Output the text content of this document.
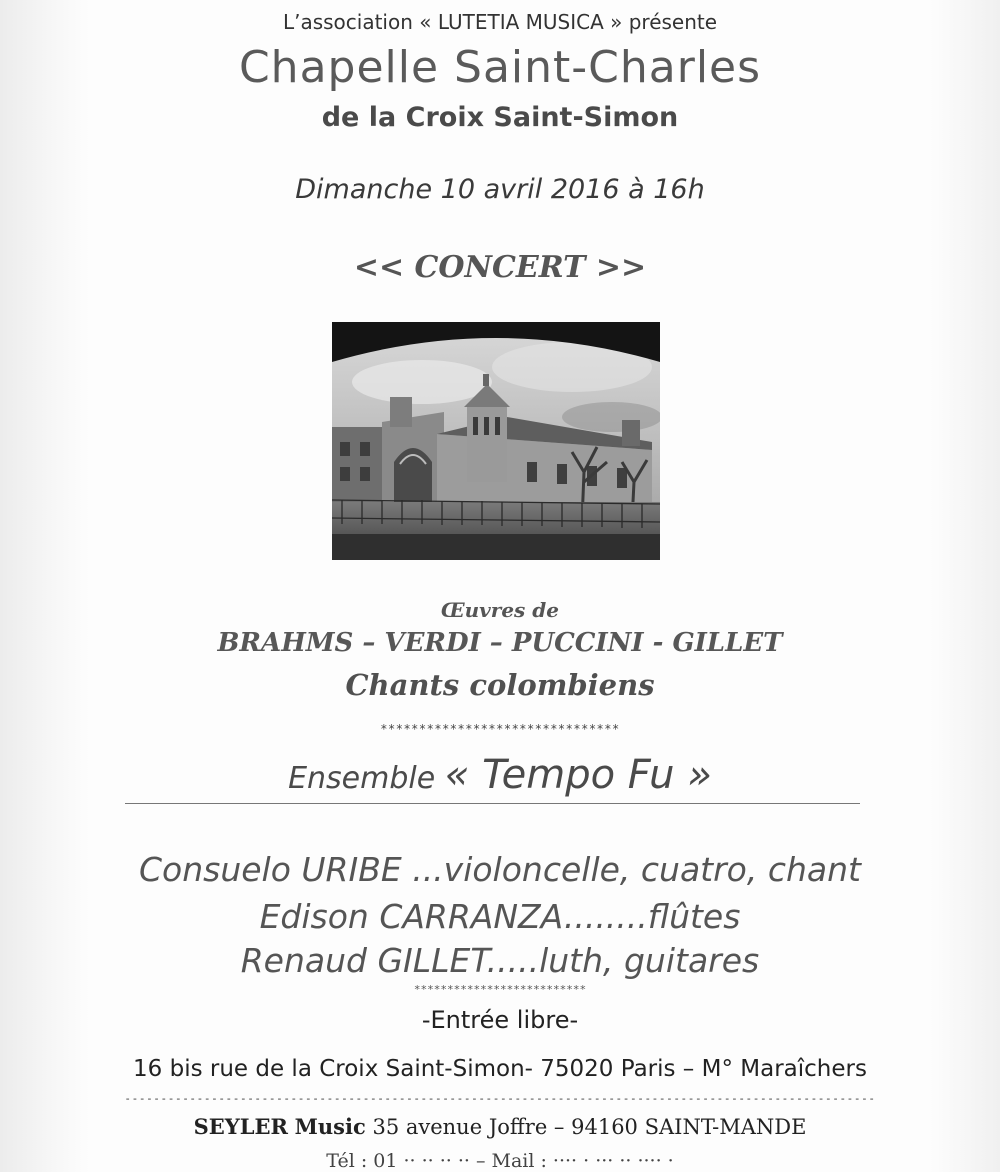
L’association « LUTETIA MUSICA » présente
Chapelle Saint-Charles
de la Croix Saint-Simon
Dimanche 10 avril 2016 à 16h
<< CONCERT >>
Œuvres de
BRAHMS – VERDI – PUCCINI - GILLET
Chants colombiens
*******************************
Ensemble « Tempo Fu »
Consuelo URIBE ...violoncelle, cuatro, chant
Edison CARRANZA........flûtes
Renaud GILLET.....luth, guitares
**************************
-Entrée libre-
16 bis rue de la Croix Saint-Simon- 75020 Paris – M° Maraîchers
--------------------------------------------------------------------------------------------------------
SEYLER Music 35 avenue Joffre – 94160 SAINT-MANDE
Tél : 01 ·· ·· ·· ·· – Mail : ···· · ··· ·· ···· ·
